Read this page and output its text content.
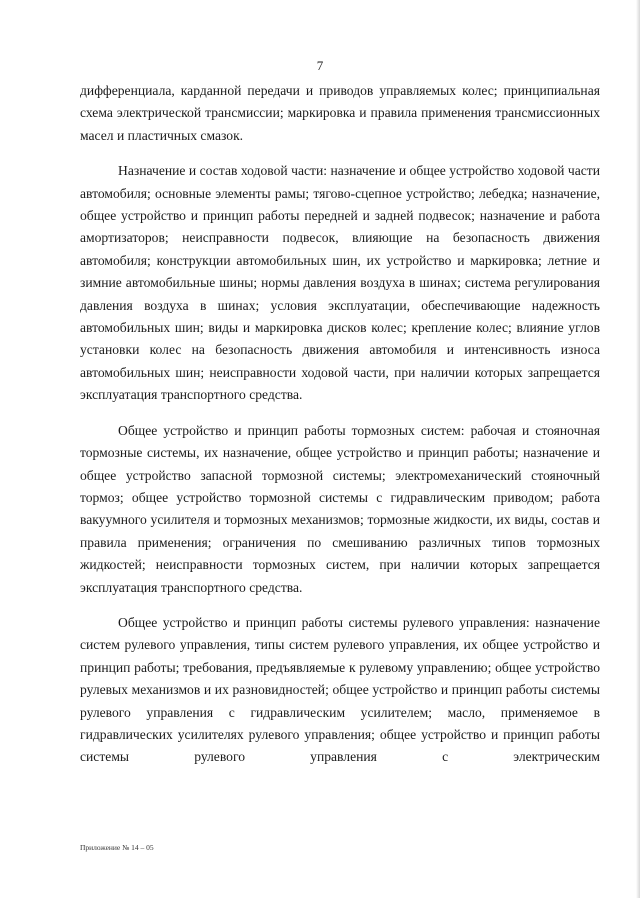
7

дифференциала, карданной передачи и приводов управляемых колес; принципиальная схема электрической трансмиссии; маркировка и правила применения трансмиссионных масел и пластичных смазок.

Назначение и состав ходовой части: назначение и общее устройство ходовой части автомобиля; основные элементы рамы; тягово-сцепное устройство; лебедка; назначение, общее устройство и принцип работы передней и задней подвесок; назначение и работа амортизаторов; неисправности подвесок, влияющие на безопасность движения автомобиля; конструкции автомобильных шин, их устройство и маркировка; летние и зимние автомобильные шины; нормы давления воздуха в шинах; система регулирования давления воздуха в шинах; условия эксплуатации, обеспечивающие надежность автомобильных шин; виды и маркировка дисков колес; крепление колес; влияние углов установки колес на безопасность движения автомобиля и интенсивность износа автомобильных шин; неисправности ходовой части, при наличии которых запрещается эксплуатация транспортного средства.

Общее устройство и принцип работы тормозных систем: рабочая и стояночная тормозные системы, их назначение, общее устройство и принцип работы; назначение и общее устройство запасной тормозной системы; электромеханический стояночный тормоз; общее устройство тормозной системы с гидравлическим приводом; работа вакуумного усилителя и тормозных механизмов; тормозные жидкости, их виды, состав и правила применения; ограничения по смешиванию различных типов тормозных жидкостей; неисправности тормозных систем, при наличии которых запрещается эксплуатация транспортного средства.

Общее устройство и принцип работы системы рулевого управления: назначение систем рулевого управления, типы систем рулевого управления, их общее устройство и принцип работы; требования, предъявляемые к рулевому управлению; общее устройство рулевых механизмов и их разновидностей; общее устройство и принцип работы системы рулевого управления с гидравлическим усилителем; масло, применяемое в гидравлических усилителях рулевого управления; общее устройство и принцип работы системы рулевого управления с электрическим

Приложение № 14 – 05
